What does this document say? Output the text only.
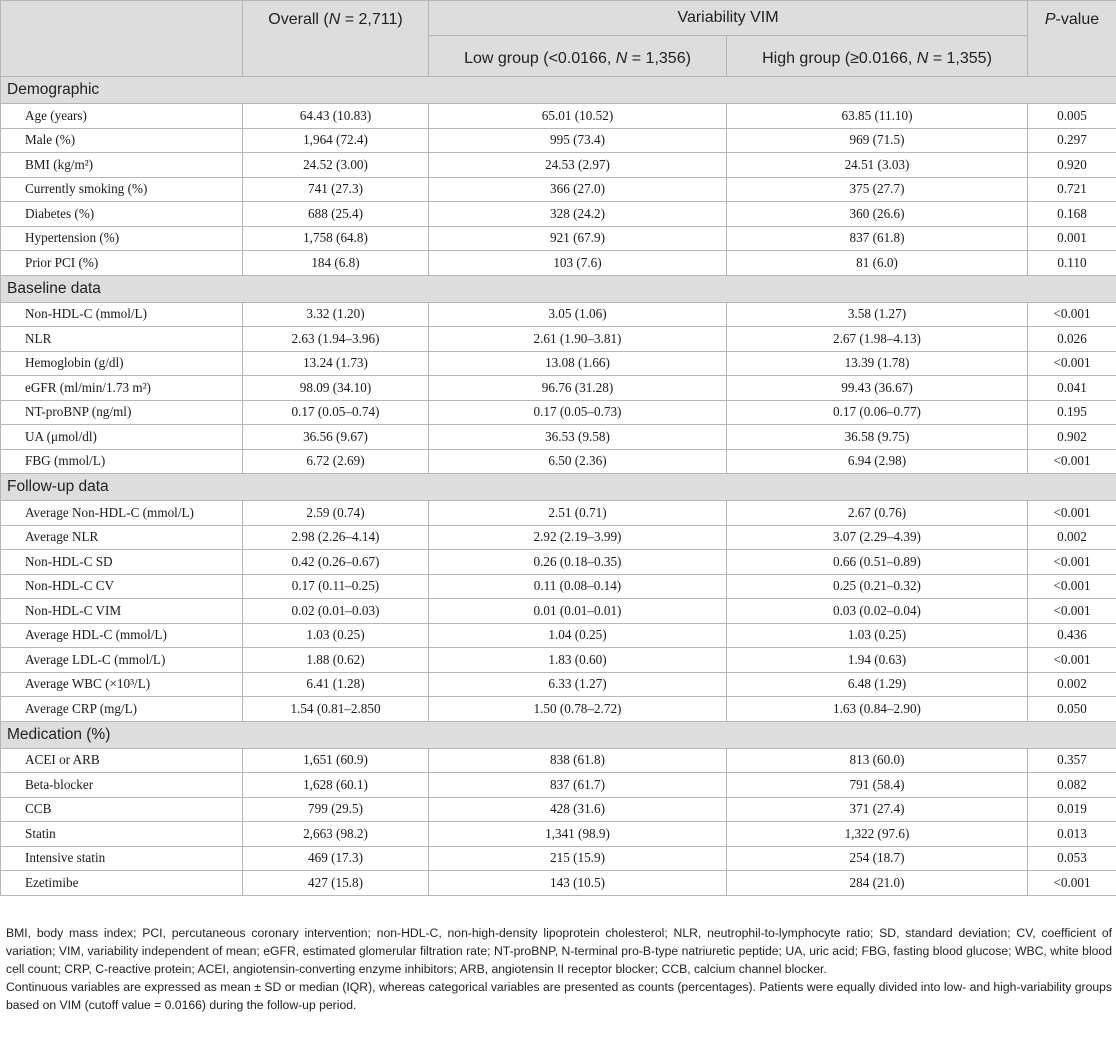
	Overall (N = 2,711)	Variability VIM		P-value
		Low group (<0.0166, N = 1,356)	High group (≥0.0166, N = 1,355)	
Demographic				
Age (years)	64.43 (10.83)	65.01 (10.52)	63.85 (11.10)	0.005
Male (%)	1,964 (72.4)	995 (73.4)	969 (71.5)	0.297
BMI (kg/m²)	24.52 (3.00)	24.53 (2.97)	24.51 (3.03)	0.920
Currently smoking (%)	741 (27.3)	366 (27.0)	375 (27.7)	0.721
Diabetes (%)	688 (25.4)	328 (24.2)	360 (26.6)	0.168
Hypertension (%)	1,758 (64.8)	921 (67.9)	837 (61.8)	0.001
Prior PCI (%)	184 (6.8)	103 (7.6)	81 (6.0)	0.110
Baseline data				
Non-HDL-C (mmol/L)	3.32 (1.20)	3.05 (1.06)	3.58 (1.27)	<0.001
NLR	2.63 (1.94–3.96)	2.61 (1.90–3.81)	2.67 (1.98–4.13)	0.026
Hemoglobin (g/dl)	13.24 (1.73)	13.08 (1.66)	13.39 (1.78)	<0.001
eGFR (ml/min/1.73 m²)	98.09 (34.10)	96.76 (31.28)	99.43 (36.67)	0.041
NT-proBNP (ng/ml)	0.17 (0.05–0.74)	0.17 (0.05–0.73)	0.17 (0.06–0.77)	0.195
UA (μmol/dl)	36.56 (9.67)	36.53 (9.58)	36.58 (9.75)	0.902
FBG (mmol/L)	6.72 (2.69)	6.50 (2.36)	6.94 (2.98)	<0.001
Follow-up data				
Average Non-HDL-C (mmol/L)	2.59 (0.74)	2.51 (0.71)	2.67 (0.76)	<0.001
Average NLR	2.98 (2.26–4.14)	2.92 (2.19–3.99)	3.07 (2.29–4.39)	0.002
Non-HDL-C SD	0.42 (0.26–0.67)	0.26 (0.18–0.35)	0.66 (0.51–0.89)	<0.001
Non-HDL-C CV	0.17 (0.11–0.25)	0.11 (0.08–0.14)	0.25 (0.21–0.32)	<0.001
Non-HDL-C VIM	0.02 (0.01–0.03)	0.01 (0.01–0.01)	0.03 (0.02–0.04)	<0.001
Average HDL-C (mmol/L)	1.03 (0.25)	1.04 (0.25)	1.03 (0.25)	0.436
Average LDL-C (mmol/L)	1.88 (0.62)	1.83 (0.60)	1.94 (0.63)	<0.001
Average WBC (×10³/L)	6.41 (1.28)	6.33 (1.27)	6.48 (1.29)	0.002
Average CRP (mg/L)	1.54 (0.81–2.850	1.50 (0.78–2.72)	1.63 (0.84–2.90)	0.050
Medication (%)				
ACEI or ARB	1,651 (60.9)	838 (61.8)	813 (60.0)	0.357
Beta-blocker	1,628 (60.1)	837 (61.7)	791 (58.4)	0.082
CCB	799 (29.5)	428 (31.6)	371 (27.4)	0.019
Statin	2,663 (98.2)	1,341 (98.9)	1,322 (97.6)	0.013
Intensive statin	469 (17.3)	215 (15.9)	254 (18.7)	0.053
Ezetimibe	427 (15.8)	143 (10.5)	284 (21.0)	<0.001

BMI, body mass index; PCI, percutaneous coronary intervention; non-HDL-C, non-high-density lipoprotein cholesterol; NLR, neutrophil-to-lymphocyte ratio; SD, standard deviation; CV, coefficient of variation; VIM, variability independent of mean; eGFR, estimated glomerular filtration rate; NT-proBNP, N-terminal pro-B-type natriuretic peptide; UA, uric acid; FBG, fasting blood glucose; WBC, white blood cell count; CRP, C-reactive protein; ACEI, angiotensin-converting enzyme inhibitors; ARB, angiotensin II receptor blocker; CCB, calcium channel blocker.

Continuous variables are expressed as mean ± SD or median (IQR), whereas categorical variables are presented as counts (percentages). Patients were equally divided into low- and high-variability groups based on VIM (cutoff value = 0.0166) during the follow-up period.
